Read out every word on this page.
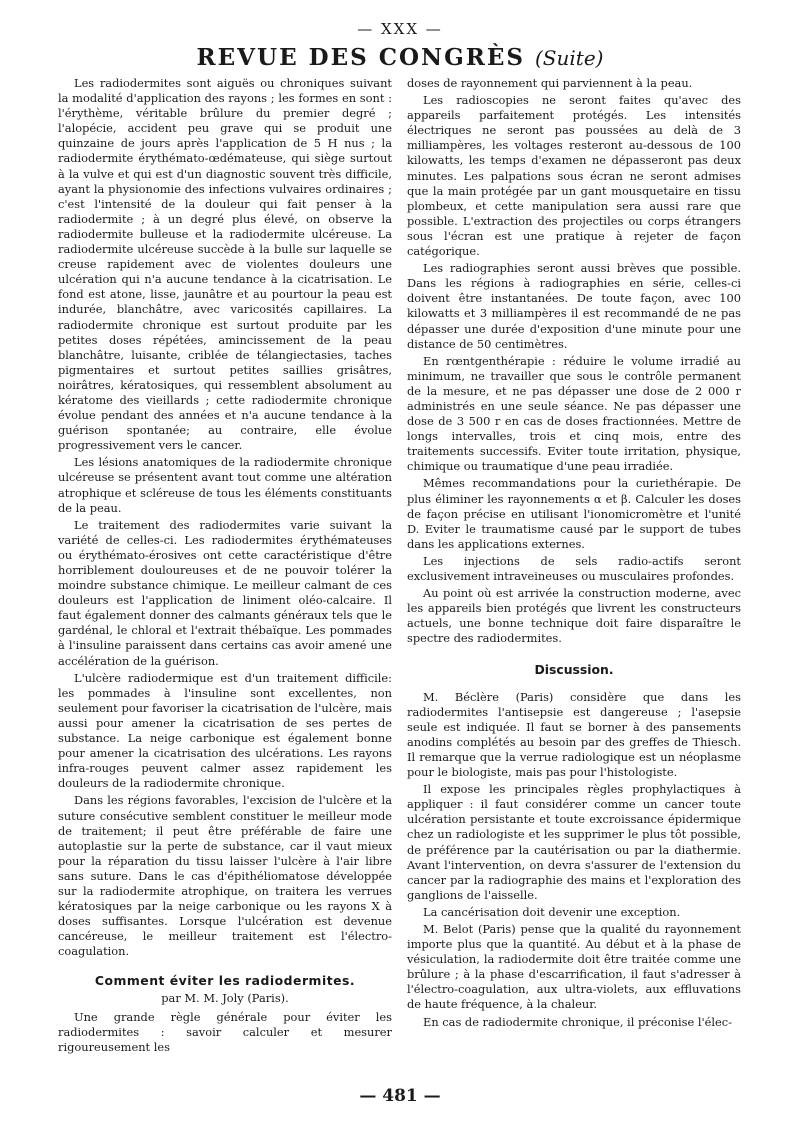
— XXX —
REVUE DES CONGRÈS (Suite)

Les radiodermites sont aiguës ou chroniques suivant la modalité d'application des rayons ; les formes en sont : l'érythème, véritable brûlure du premier degré ; l'alopécie, accident peu grave qui se produit une quinzaine de jours après l'application de 5 H nus ; la radiodermite érythémato-œdémateuse, qui siège surtout à la vulve et qui est d'un diagnostic souvent très difficile, ayant la physionomie des infections vulvaires ordinaires ; c'est l'intensité de la douleur qui fait penser à la radiodermite ; à un degré plus élevé, on observe la radiodermite bulleuse et la radiodermite ulcéreuse. La radiodermite ulcéreuse succède à la bulle sur laquelle se creuse rapidement avec de violentes douleurs une ulcération qui n'a aucune tendance à la cicatrisation. Le fond est atone, lisse, jaunâtre et au pourtour la peau est indurée, blanchâtre, avec varicosités capillaires. La radiodermite chronique est surtout produite par les petites doses répétées, amincissement de la peau blanchâtre, luisante, criblée de télangiectasies, taches pigmentaires et surtout petites saillies grisâtres, noirâtres, kératosiques, qui ressemblent absolument au kératome des vieillards ; cette radiodermite chronique évolue pendant des années et n'a aucune tendance à la guérison spontanée; au contraire, elle évolue progressivement vers le cancer.

Les lésions anatomiques de la radiodermite chronique ulcéreuse se présentent avant tout comme une altération atrophique et scléreuse de tous les éléments constituants de la peau.

Le traitement des radiodermites varie suivant la variété de celles-ci. Les radiodermites érythémateuses ou érythémato-érosives ont cette caractéristique d'être horriblement douloureuses et de ne pouvoir tolérer la moindre substance chimique. Le meilleur calmant de ces douleurs est l'application de liniment oléo-calcaire. Il faut également donner des calmants généraux tels que le gardénal, le chloral et l'extrait thébaïque. Les pommades à l'insuline paraissent dans certains cas avoir amené une accélération de la guérison.

L'ulcère radiodermique est d'un traitement difficile: les pommades à l'insuline sont excellentes, non seulement pour favoriser la cicatrisation de l'ulcère, mais aussi pour amener la cicatrisation de ses pertes de substance. La neige carbonique est également bonne pour amener la cicatrisation des ulcérations. Les rayons infra-rouges peuvent calmer assez rapidement les douleurs de la radiodermite chronique.

Dans les régions favorables, l'excision de l'ulcère et la suture consécutive semblent constituer le meilleur mode de traitement; il peut être préférable de faire une autoplastie sur la perte de substance, car il vaut mieux pour la réparation du tissu laisser l'ulcère à l'air libre sans suture. Dans le cas d'épithéliomatose développée sur la radiodermite atrophique, on traitera les verrues kératosiques par la neige carbonique ou les rayons X à doses suffisantes. Lorsque l'ulcération est devenue cancéreuse, le meilleur traitement est l'électro-coagulation.

Comment éviter les radiodermites.
par M. M. Joly (Paris).

Une grande règle générale pour éviter les radiodermites : savoir calculer et mesurer rigoureusement les

doses de rayonnement qui parviennent à la peau.

Les radioscopies ne seront faites qu'avec des appareils parfaitement protégés. Les intensités électriques ne seront pas poussées au delà de 3 milliampères, les voltages resteront au-dessous de 100 kilowatts, les temps d'examen ne dépasseront pas deux minutes. Les palpations sous écran ne seront admises que la main protégée par un gant mousquetaire en tissu plombeux, et cette manipulation sera aussi rare que possible. L'extraction des projectiles ou corps étrangers sous l'écran est une pratique à rejeter de façon catégorique.

Les radiographies seront aussi brèves que possible. Dans les régions à radiographies en série, celles-ci doivent être instantanées. De toute façon, avec 100 kilowatts et 3 milliampères il est recommandé de ne pas dépasser une durée d'exposition d'une minute pour une distance de 50 centimètres.

En rœntgenthérapie : réduire le volume irradié au minimum, ne travailler que sous le contrôle permanent de la mesure, et ne pas dépasser une dose de 2 000 r administrés en une seule séance. Ne pas dépasser une dose de 3 500 r en cas de doses fractionnées. Mettre de longs intervalles, trois et cinq mois, entre des traitements successifs. Eviter toute irritation, physique, chimique ou traumatique d'une peau irradiée.

Mêmes recommandations pour la curiethérapie. De plus éliminer les rayonnements α et β. Calculer les doses de façon précise en utilisant l'ionomicromètre et l'unité D. Eviter le traumatisme causé par le support de tubes dans les applications externes.

Les injections de sels radio-actifs seront exclusivement intraveineuses ou musculaires profondes.

Au point où est arrivée la construction moderne, avec les appareils bien protégés que livrent les constructeurs actuels, une bonne technique doit faire disparaître le spectre des radiodermites.

Discussion.

M. Béclère (Paris) considère que dans les radiodermites l'antisepsie est dangereuse ; l'asepsie seule est indiquée. Il faut se borner à des pansements anodins complétés au besoin par des greffes de Thiesch. Il remarque que la verrue radiologique est un néoplasme pour le biologiste, mais pas pour l'histologiste.

Il expose les principales règles prophylactiques à appliquer : il faut considérer comme un cancer toute ulcération persistante et toute excroissance épidermique chez un radiologiste et les supprimer le plus tôt possible, de préférence par la cautérisation ou par la diathermie. Avant l'intervention, on devra s'assurer de l'extension du cancer par la radiographie des mains et l'exploration des ganglions de l'aisselle.

La cancérisation doit devenir une exception.

M. Belot (Paris) pense que la qualité du rayonnement importe plus que la quantité. Au début et à la phase de vésiculation, la radiodermite doit être traitée comme une brûlure ; à la phase d'escarrification, il faut s'adresser à l'électro-coagulation, aux ultra-violets, aux effluvations de haute fréquence, à la chaleur.

En cas de radiodermite chronique, il préconise l'élec-

— 481 —
